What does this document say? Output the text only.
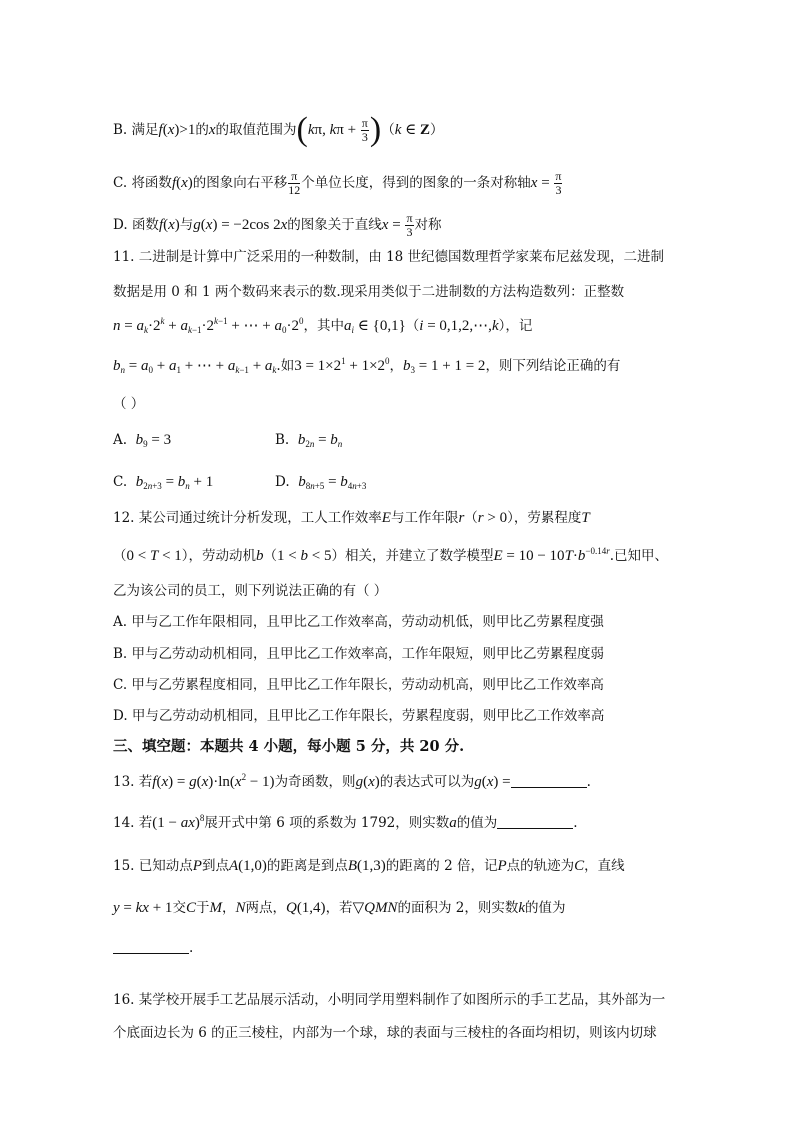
B. 满足f(x)>1的x的取值范围为(kπ, $k\pi + \frac{\pi}{3} )(k$ ∈ Z）
C. 将函数f(x)的图象向右平移 $\frac{\pi}{12}$ 个单位长度，得到的图象的一条对称轴$x = \frac{\pi}{3}$
D. 函数f(x)与g(x) = −2cos 2x的图象关于直线$x = \frac{\pi}{3}$ 对称
11. 二进制是计算中广泛采用的一种数制，由 18 世纪德国数理哲学家莱布尼兹发现，二进制
数据是用 0 和 1 两个数码来表示的数.现采用类似于二进制数的方法构造数列：正整数
$n = a_k\cdot 2^k + a_{k-1}\cdot 2^{k-1}$ + ⋯ + $a_0\cdot 2^0$，其中$a_i$ ∈ {0,1}（i = 0,1,2,⋯,k），记
$b_n = a_0 + a_1$ + ⋯ + $a_{k-1} + a_k$.如$3 = 1\times 2^1 + 1\times 2^0$，$b_3 = 1 + 1 = 2$，则下列结论正确的有
（ ）
A. $b_9 = 3$	B. $b_{2n} = b_n$
C. $b_{2n+3} = b_n + 1$	D. $b_{8n+5} = b_{4n+3}$
12. 某公司通过统计分析发现，工人工作效率E与工作年限r（r > 0），劳累程度T
（0 < T < 1），劳动动机b（1 < b < 5）相关，并建立了数学模型$E = 10 - 10T\cdot b^{-0.14r}$.已知甲、
乙为该公司的员工，则下列说法正确的有（ ）
A. 甲与乙工作年限相同，且甲比乙工作效率高，劳动动机低，则甲比乙劳累程度强
B. 甲与乙劳动动机相同，且甲比乙工作效率高，工作年限短，则甲比乙劳累程度弱
C. 甲与乙劳累程度相同，且甲比乙工作年限长，劳动动机高，则甲比乙工作效率高
D. 甲与乙劳动动机相同，且甲比乙工作年限长，劳累程度弱，则甲比乙工作效率高
三、填空题：本题共 4 小题，每小题 5 分，共 20 分.
13. 若$f(x) = g(x)\cdot\ln(x^2 - 1)$为奇函数，则g(x)的表达式可以为g(x) =	.
14. 若(1 − ax)$^8$展开式中第 6 项的系数为 1792，则实数a的值为	.
15. 已知动点P到点A(1,0)的距离是到点B(1,3)的距离的 2 倍，记P点的轨迹为C，直线
y = kx + 1交C于M，N两点，Q(1,4)，若▽QMN的面积为 2，则实数k的值为
.
16. 某学校开展手工艺品展示活动，小明同学用塑料制作了如图所示的手工艺品，其外部为一
个底面边长为 6 的正三棱柱，内部为一个球，球的表面与三棱柱的各面均相切，则该内切球
